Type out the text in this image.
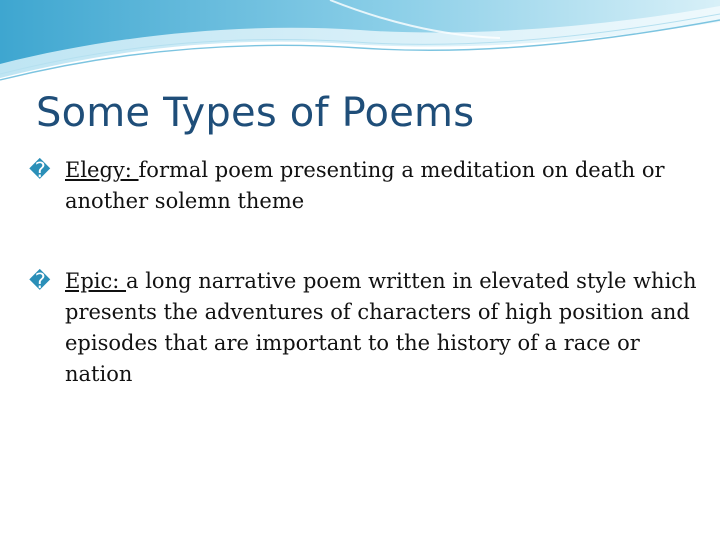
Some Types of Poems
� Elegy: formal poem presenting a meditation on death or another solemn theme
� Epic: a long narrative poem written in elevated style which presents the adventures of characters of high position and episodes that are important to the history of a race or nation
